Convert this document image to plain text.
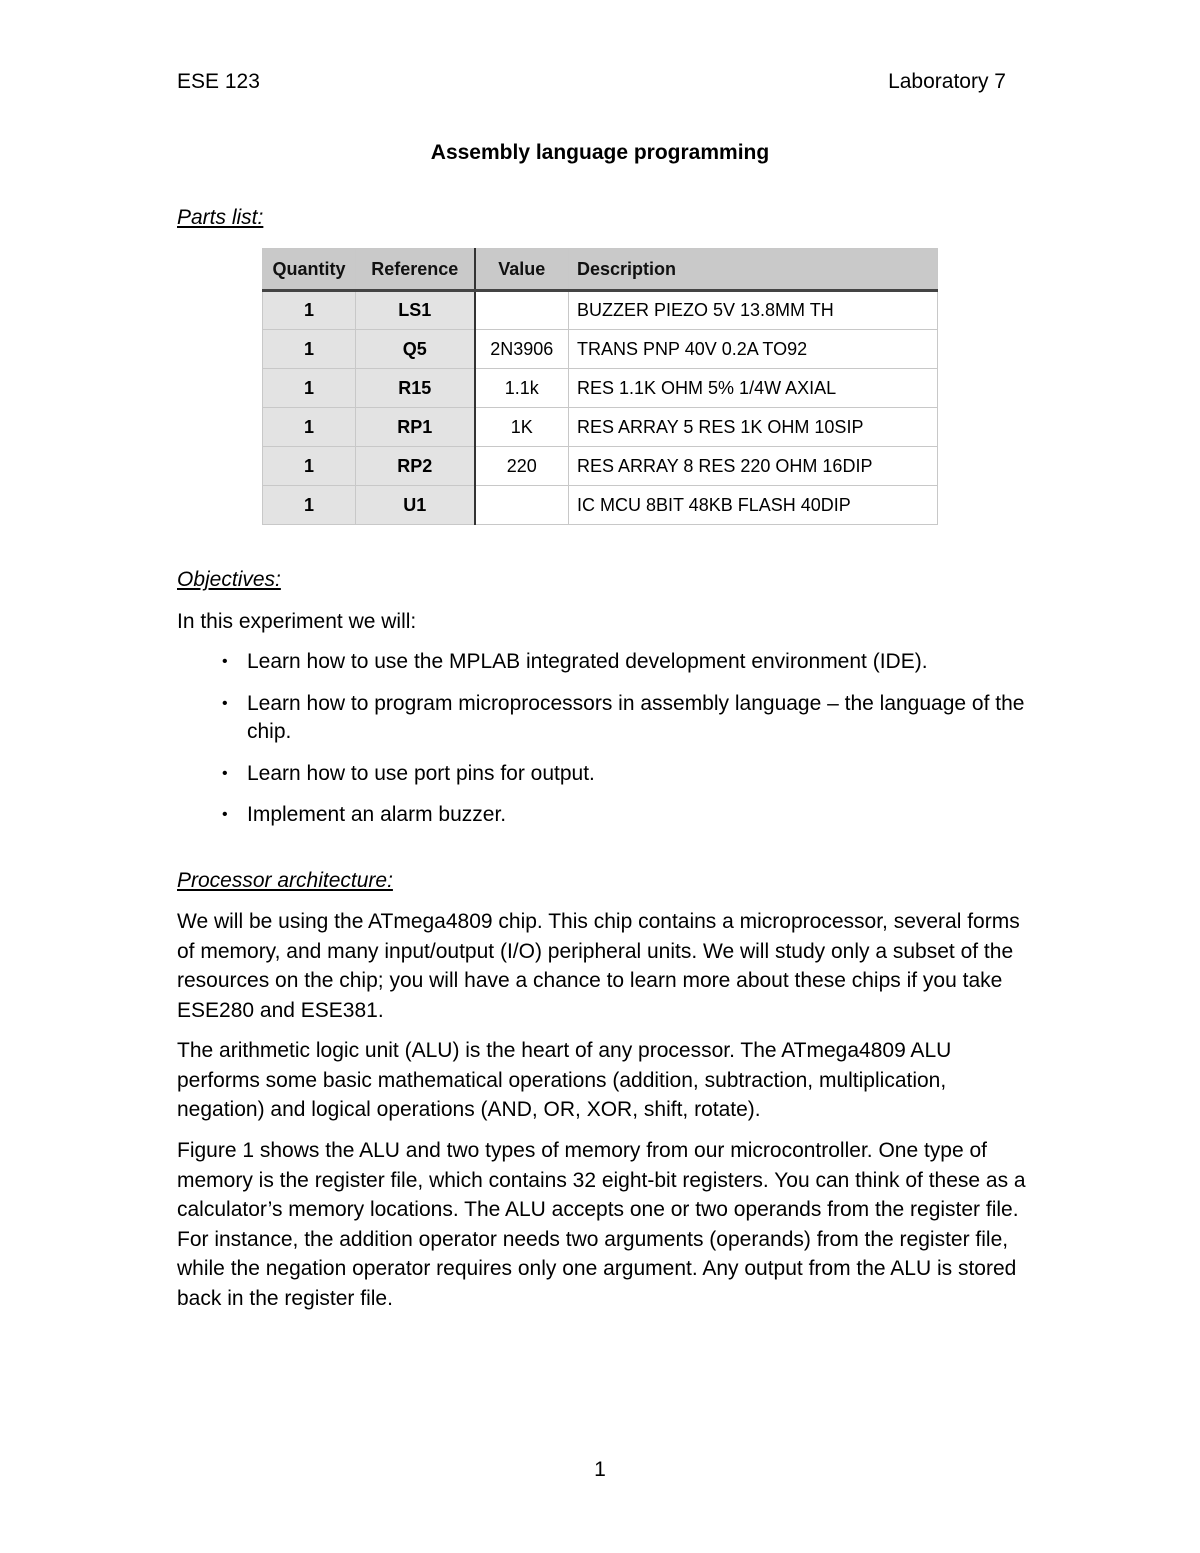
ESE 123	Laboratory 7
Assembly language programming
Parts list:
Quantity	Reference	Value	Description
1	LS1		BUZZER PIEZO 5V 13.8MM TH
1	Q5	2N3906	TRANS PNP 40V 0.2A TO92
1	R15	1.1k	RES 1.1K OHM 5% 1/4W AXIAL
1	RP1	1K	RES ARRAY 5 RES 1K OHM 10SIP
1	RP2	220	RES ARRAY 8 RES 220 OHM 16DIP
1	U1		IC MCU 8BIT 48KB FLASH 40DIP
Objectives:
In this experiment we will:
• Learn how to use the MPLAB integrated development environment (IDE).
• Learn how to program microprocessors in assembly language – the language of the chip.
• Learn how to use port pins for output.
• Implement an alarm buzzer.
Processor architecture:
We will be using the ATmega4809 chip. This chip contains a microprocessor, several forms of memory, and many input/output (I/O) peripheral units. We will study only a subset of the resources on the chip; you will have a chance to learn more about these chips if you take ESE280 and ESE381.
The arithmetic logic unit (ALU) is the heart of any processor. The ATmega4809 ALU performs some basic mathematical operations (addition, subtraction, multiplication, negation) and logical operations (AND, OR, XOR, shift, rotate).
Figure 1 shows the ALU and two types of memory from our microcontroller. One type of memory is the register file, which contains 32 eight-bit registers. You can think of these as a calculator’s memory locations. The ALU accepts one or two operands from the register file. For instance, the addition operator needs two arguments (operands) from the register file, while the negation operator requires only one argument. Any output from the ALU is stored back in the register file.
1
